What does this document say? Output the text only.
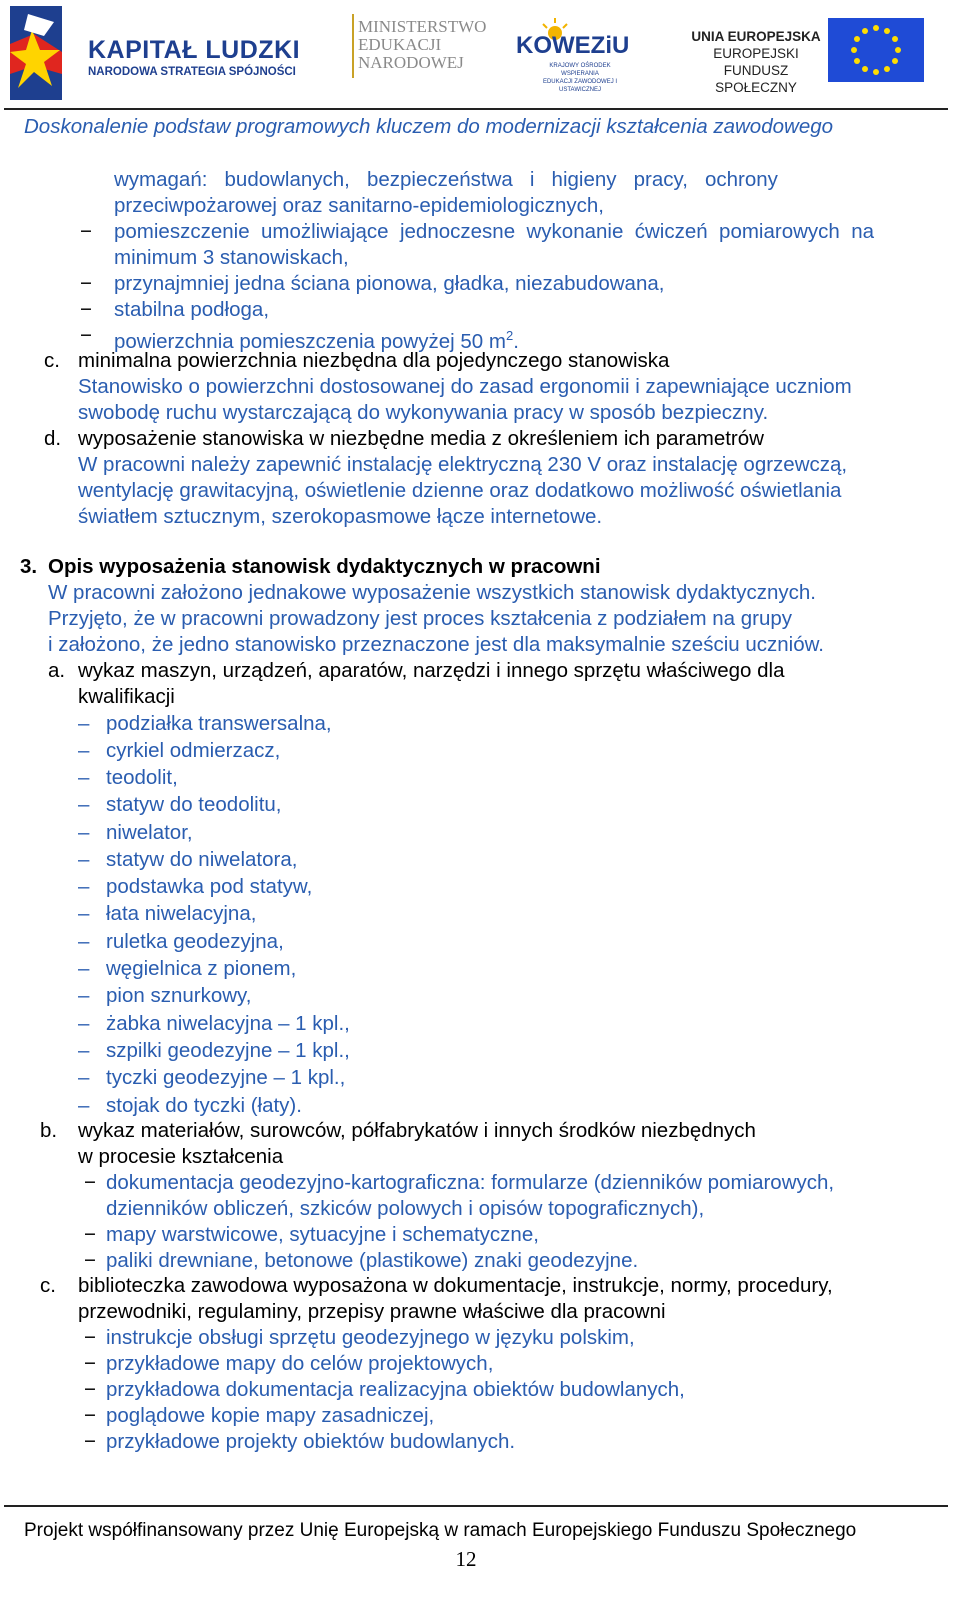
KAPITAŁ LUDZKI
NARODOWA STRATEGIA SPÓJNOŚCI
MINISTERSTWO
EDUKACJI
NARODOWEJ
KOWEZiU
KRAJOWY OŚRODEK WSPIERANIA
EDUKACJI ZAWODOWEJ I USTAWICZNEJ
UNIA EUROPEJSKA
EUROPEJSKI
FUNDUSZ SPOŁECZNY
Doskonalenie podstaw programowych kluczem do modernizacji kształcenia zawodowego
wymagań:   budowlanych,   bezpieczeństwa   i   higieny   pracy,   ochrony
przeciwpożarowej oraz sanitarno-epidemiologicznych,
− pomieszczenie  umożliwiające  jednoczesne  wykonanie  ćwiczeń  pomiarowych  na
minimum 3 stanowiskach,
− przynajmniej jedna ściana pionowa, gładka, niezabudowana,
− stabilna podłoga,
− powierzchnia pomieszczenia powyżej 50 $m^2$.
c. minimalna powierzchnia niezbędna dla pojedynczego stanowiska
Stanowisko o powierzchni dostosowanej do zasad ergonomii i zapewniające uczniom
swobodę ruchu wystarczającą do wykonywania pracy w sposób bezpieczny.
d. wyposażenie stanowiska w niezbędne media z określeniem ich parametrów
W pracowni należy zapewnić instalację elektryczną 230 V oraz instalację ogrzewczą,
wentylację grawitacyjną, oświetlenie dzienne oraz dodatkowo możliwość oświetlania
światłem sztucznym, szerokopasmowe łącze internetowe.
3. Opis wyposażenia stanowisk dydaktycznych w pracowni
W pracowni założono jednakowe wyposażenie wszystkich stanowisk dydaktycznych.
Przyjęto, że w pracowni prowadzony jest proces kształcenia z podziałem na grupy
i założono, że jedno stanowisko przeznaczone jest dla maksymalnie sześciu uczniów.
a. wykaz maszyn, urządzeń, aparatów, narzędzi i innego sprzętu właściwego dla
kwalifikacji
– podziałka transwersalna,
– cyrkiel odmierzacz,
– teodolit,
– statyw do teodolitu,
– niwelator,
– statyw do niwelatora,
– podstawka pod statyw,
– łata niwelacyjna,
– ruletka geodezyjna,
– węgielnica z pionem,
– pion sznurkowy,
– żabka niwelacyjna – 1 kpl.,
– szpilki geodezyjne – 1 kpl.,
– tyczki geodezyjne – 1 kpl.,
– stojak do tyczki (łaty).
b. wykaz materiałów, surowców, półfabrykatów i innych środków niezbędnych
w procesie kształcenia
− dokumentacja geodezyjno-kartograficzna: formularze (dzienników pomiarowych,
dzienników obliczeń, szkiców polowych i opisów topograficznych),
− mapy warstwicowe, sytuacyjne i schematyczne,
− paliki drewniane, betonowe (plastikowe) znaki geodezyjne.
c. biblioteczka zawodowa wyposażona w dokumentacje, instrukcje, normy, procedury,
przewodniki, regulaminy, przepisy prawne właściwe dla pracowni
− instrukcje obsługi sprzętu geodezyjnego w języku polskim,
− przykładowe mapy do celów projektowych,
− przykładowa dokumentacja realizacyjna obiektów budowlanych,
− poglądowe kopie mapy zasadniczej,
− przykładowe projekty obiektów budowlanych.
Projekt współfinansowany przez Unię Europejską w ramach Europejskiego Funduszu Społecznego
12
